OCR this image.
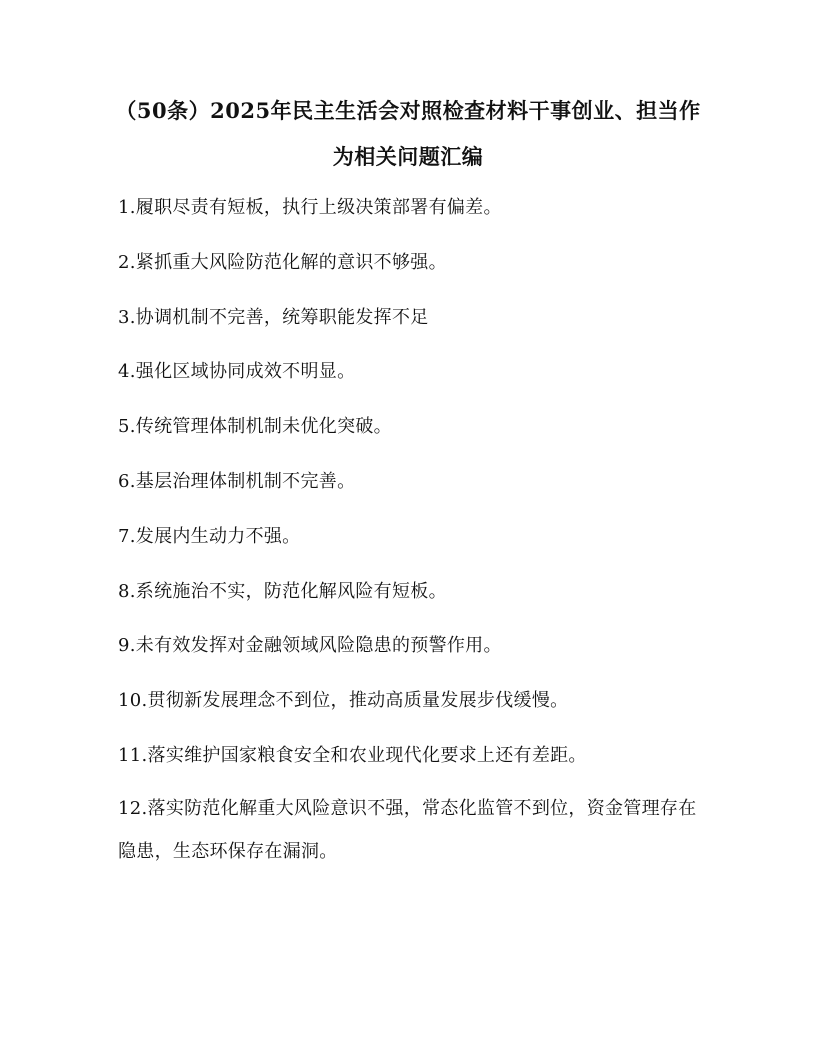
（50条）2025年民主生活会对照检查材料干事创业、担当作
为相关问题汇编
1.履职尽责有短板，执行上级决策部署有偏差。
2.紧抓重大风险防范化解的意识不够强。
3.协调机制不完善，统筹职能发挥不足
4.强化区域协同成效不明显。
5.传统管理体制机制未优化突破。
6.基层治理体制机制不完善。
7.发展内生动力不强。
8.系统施治不实，防范化解风险有短板。
9.未有效发挥对金融领域风险隐患的预警作用。
10.贯彻新发展理念不到位，推动高质量发展步伐缓慢。
11.落实维护国家粮食安全和农业现代化要求上还有差距。
12.落实防范化解重大风险意识不强，常态化监管不到位，资金管理存在隐患，生态环保存在漏洞。
